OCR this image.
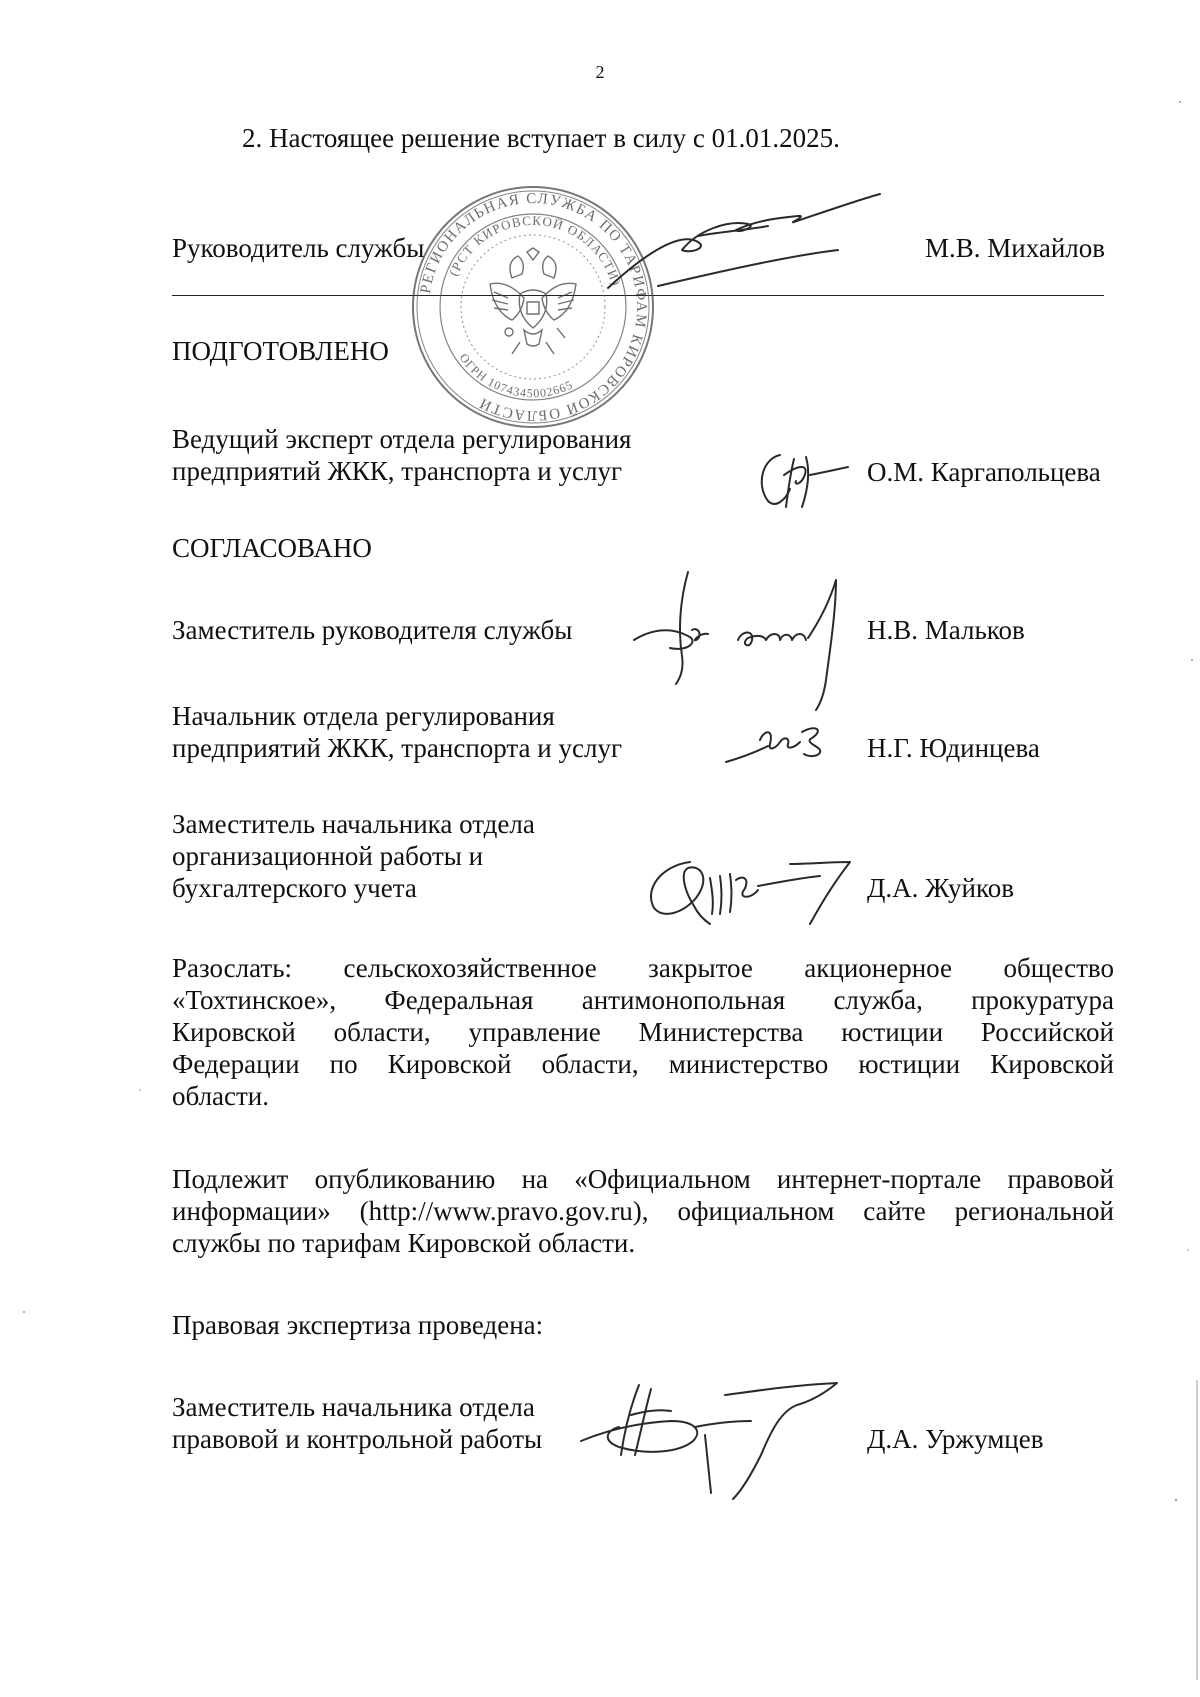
2
2. Настоящее решение вступает в силу с 01.01.2025.
Руководитель службы	М.В. Михайлов
РЕГИОНАЛЬНАЯ СЛУЖБА ПО ТАРИФАМ КИРОВСКОЙ ОБЛАСТИ
(РСТ КИРОВСКОЙ ОБЛАСТИ)
ОГРН 1074345002665
ПОДГОТОВЛЕНО
Ведущий эксперт отдела регулирования
предприятий ЖКК, транспорта и услуг	О.М. Каргапольцева
СОГЛАСОВАНО
Заместитель руководителя службы	Н.В. Мальков
Начальник отдела регулирования
предприятий ЖКК, транспорта и услуг	Н.Г. Юдинцева
Заместитель начальника отдела
организационной работы и
бухгалтерского учета	Д.А. Жуйков
Разослать: сельскохозяйственное закрытое акционерное общество
«Тохтинское», Федеральная антимонопольная служба, прокуратура
Кировской области, управление Министерства юстиции Российской
Федерации по Кировской области, министерство юстиции Кировской
области.
Подлежит опубликованию на «Официальном интернет-портале правовой
информации» (http://www.pravo.gov.ru), официальном сайте региональной
службы по тарифам Кировской области.
Правовая экспертиза проведена:
Заместитель начальника отдела
правовой и контрольной работы	Д.А. Уржумцев
